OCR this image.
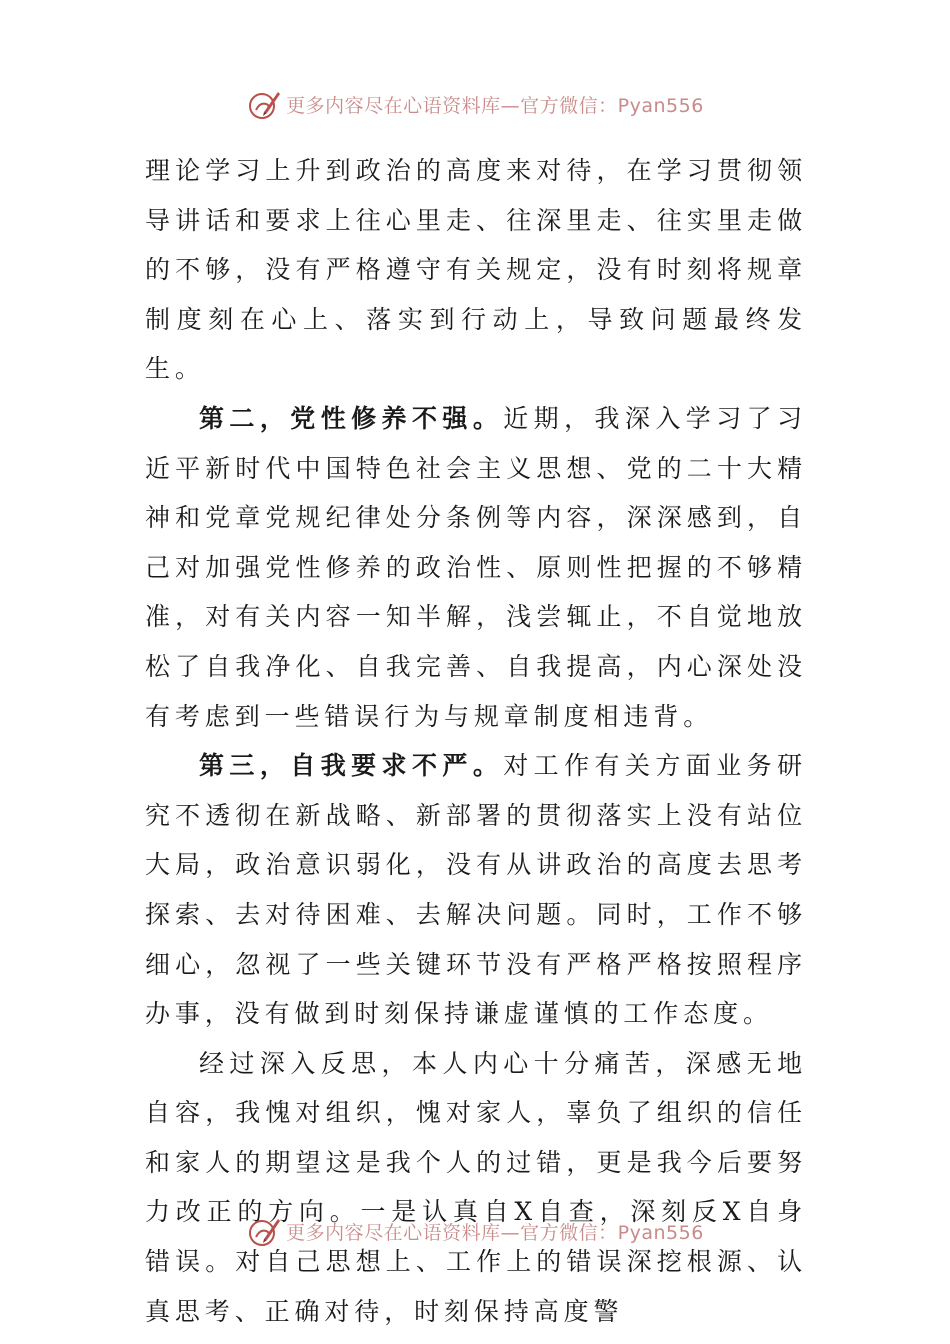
更多内容尽在心语资料库—官方微信：Pyan556

理论学习上升到政治的高度来对待，在学习贯彻领导讲话和要求上往心里走、往深里走、往实里走做的不够，没有严格遵守有关规定，没有时刻将规章制度刻在心上、落实到行动上，导致问题最终发生。

第二，党性修养不强。近期，我深入学习了习近平新时代中国特色社会主义思想、党的二十大精神和党章党规纪律处分条例等内容，深深感到，自己对加强党性修养的政治性、原则性把握的不够精准，对有关内容一知半解，浅尝辄止，不自觉地放松了自我净化、自我完善、自我提高，内心深处没有考虑到一些错误行为与规章制度相违背。

第三，自我要求不严。对工作有关方面业务研究不透彻在新战略、新部署的贯彻落实上没有站位大局，政治意识弱化，没有从讲政治的高度去思考探索、去对待困难、去解决问题。同时，工作不够细心，忽视了一些关键环节没有严格严格按照程序办事，没有做到时刻保持谦虚谨慎的工作态度。

经过深入反思，本人内心十分痛苦，深感无地自容，我愧对组织，愧对家人，辜负了组织的信任和家人的期望这是我个人的过错，更是我今后要努力改正的方向。一是认真自X自查，深刻反X自身错误。对自己思想上、工作上的错误深挖根源、认真思考、正确对待，时刻保持高度警

更多内容尽在心语资料库—官方微信：Pyan556
